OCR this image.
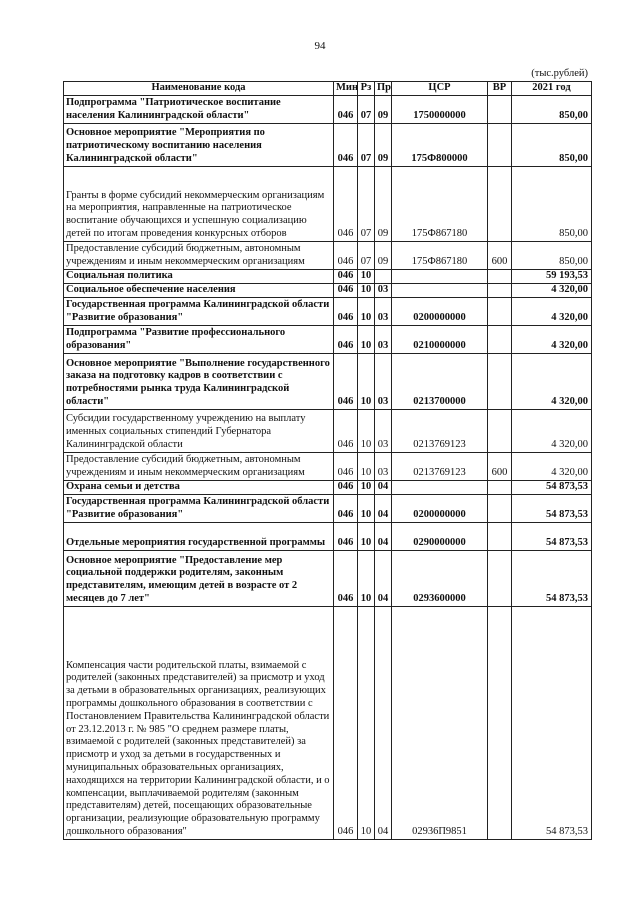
94
(тыс.рублей)
Наименование кода	Мин	Рз	Пр	ЦСР	ВР	2021 год
Подпрограмма "Патриотическое воспитание населения Калининградской области"	046	07	09	1750000000		850,00
Основное мероприятие "Мероприятия по патриотическому воспитанию населения Калининградской области"	046	07	09	175Ф800000		850,00
Гранты в форме субсидий некоммерческим организациям на мероприятия, направленные на патриотическое воспитание обучающихся и успешную социализацию детей по итогам проведения конкурсных отборов	046	07	09	175Ф867180		850,00
Предоставление субсидий бюджетным, автономным учреждениям и иным некоммерческим организациям	046	07	09	175Ф867180	600	850,00
Социальная политика	046	10				59 193,53
Социальное обеспечение населения	046	10	03			4 320,00
Государственная программа Калининградской области "Развитие образования"	046	10	03	0200000000		4 320,00
Подпрограмма "Развитие профессионального образования"	046	10	03	0210000000		4 320,00
Основное мероприятие "Выполнение государственного заказа на подготовку кадров в соответствии с потребностями рынка труда Калининградской области"	046	10	03	0213700000		4 320,00
Субсидии государственному учреждению на выплату именных социальных стипендий Губернатора Калининградской области	046	10	03	0213769123		4 320,00
Предоставление субсидий бюджетным, автономным учреждениям и иным некоммерческим организациям	046	10	03	0213769123	600	4 320,00
Охрана семьи и детства	046	10	04			54 873,53
Государственная программа Калининградской области "Развитие образования"	046	10	04	0200000000		54 873,53
Отдельные мероприятия государственной программы	046	10	04	0290000000		54 873,53
Основное мероприятие "Предоставление мер социальной поддержки родителям, законным представителям, имеющим детей в возрасте от 2 месяцев до 7 лет"	046	10	04	0293600000		54 873,53
Компенсация части родительской платы, взимаемой с родителей (законных представителей) за присмотр и уход за детьми в образовательных организациях, реализующих программы дошкольного образования в соответствии с Постановлением Правительства Калининградской области от 23.12.2013 г. № 985 "О среднем размере платы, взимаемой с родителей (законных представителей) за присмотр и уход за детьми в государственных и муниципальных образовательных организациях, находящихся на территории Калининградской области, и о компенсации, выплачиваемой родителям (законным представителям) детей, посещающих образовательные организации, реализующие образовательную программу дошкольного образования"	046	10	04	02936П9851		54 873,53
